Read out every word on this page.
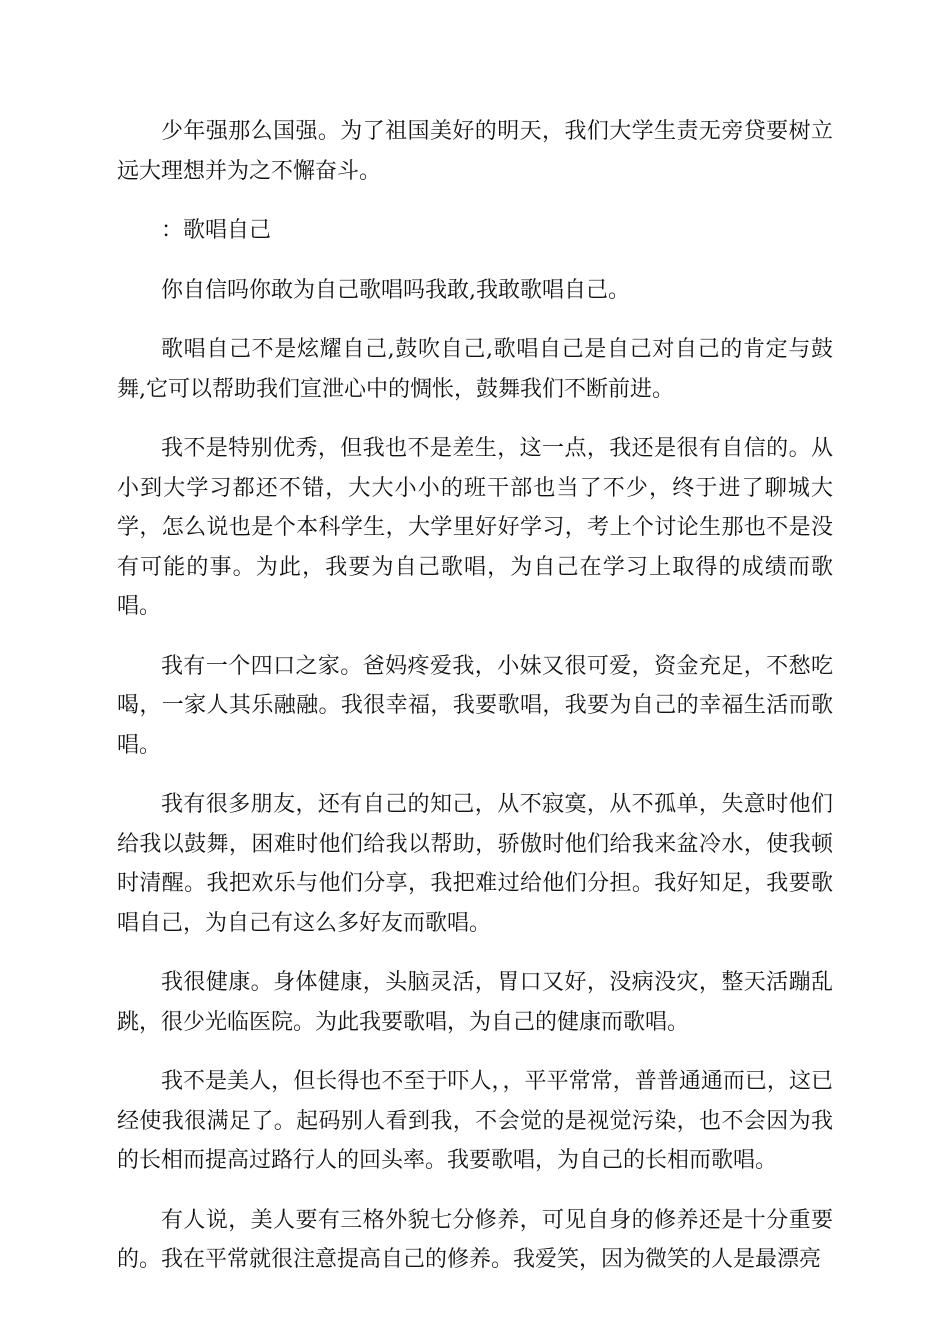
少年强那么国强。为了祖国美好的明天，我们大学生责无旁贷要树立远大理想并为之不懈奋斗。

：歌唱自己

你自信吗你敢为自己歌唱吗我敢,我敢歌唱自己。

歌唱自己不是炫耀自己,鼓吹自己,歌唱自己是自己对自己的肯定与鼓舞,它可以帮助我们宣泄心中的惆怅，鼓舞我们不断前进。

我不是特别优秀，但我也不是差生，这一点，我还是很有自信的。从小到大学习都还不错，大大小小的班干部也当了不少，终于进了聊城大学，怎么说也是个本科学生，大学里好好学习，考上个讨论生那也不是没有可能的事。为此，我要为自己歌唱，为自己在学习上取得的成绩而歌唱。

我有一个四口之家。爸妈疼爱我，小妹又很可爱，资金充足，不愁吃喝，一家人其乐融融。我很幸福，我要歌唱，我要为自己的幸福生活而歌唱。

我有很多朋友，还有自己的知己，从不寂寞，从不孤单，失意时他们给我以鼓舞，困难时他们给我以帮助，骄傲时他们给我来盆冷水，使我顿时清醒。我把欢乐与他们分享，我把难过给他们分担。我好知足，我要歌唱自己，为自己有这么多好友而歌唱。

我很健康。身体健康，头脑灵活，胃口又好，没病没灾，整天活蹦乱跳，很少光临医院。为此我要歌唱，为自己的健康而歌唱。

我不是美人，但长得也不至于吓人，，平平常常，普普通通而已，这已经使我很满足了。起码别人看到我，不会觉的是视觉污染，也不会因为我的长相而提高过路行人的回头率。我要歌唱，为自己的长相而歌唱。

有人说，美人要有三格外貌七分修养，可见自身的修养还是十分重要的。我在平常就很注意提高自己的修养。我爱笑，因为微笑的人是最漂亮
